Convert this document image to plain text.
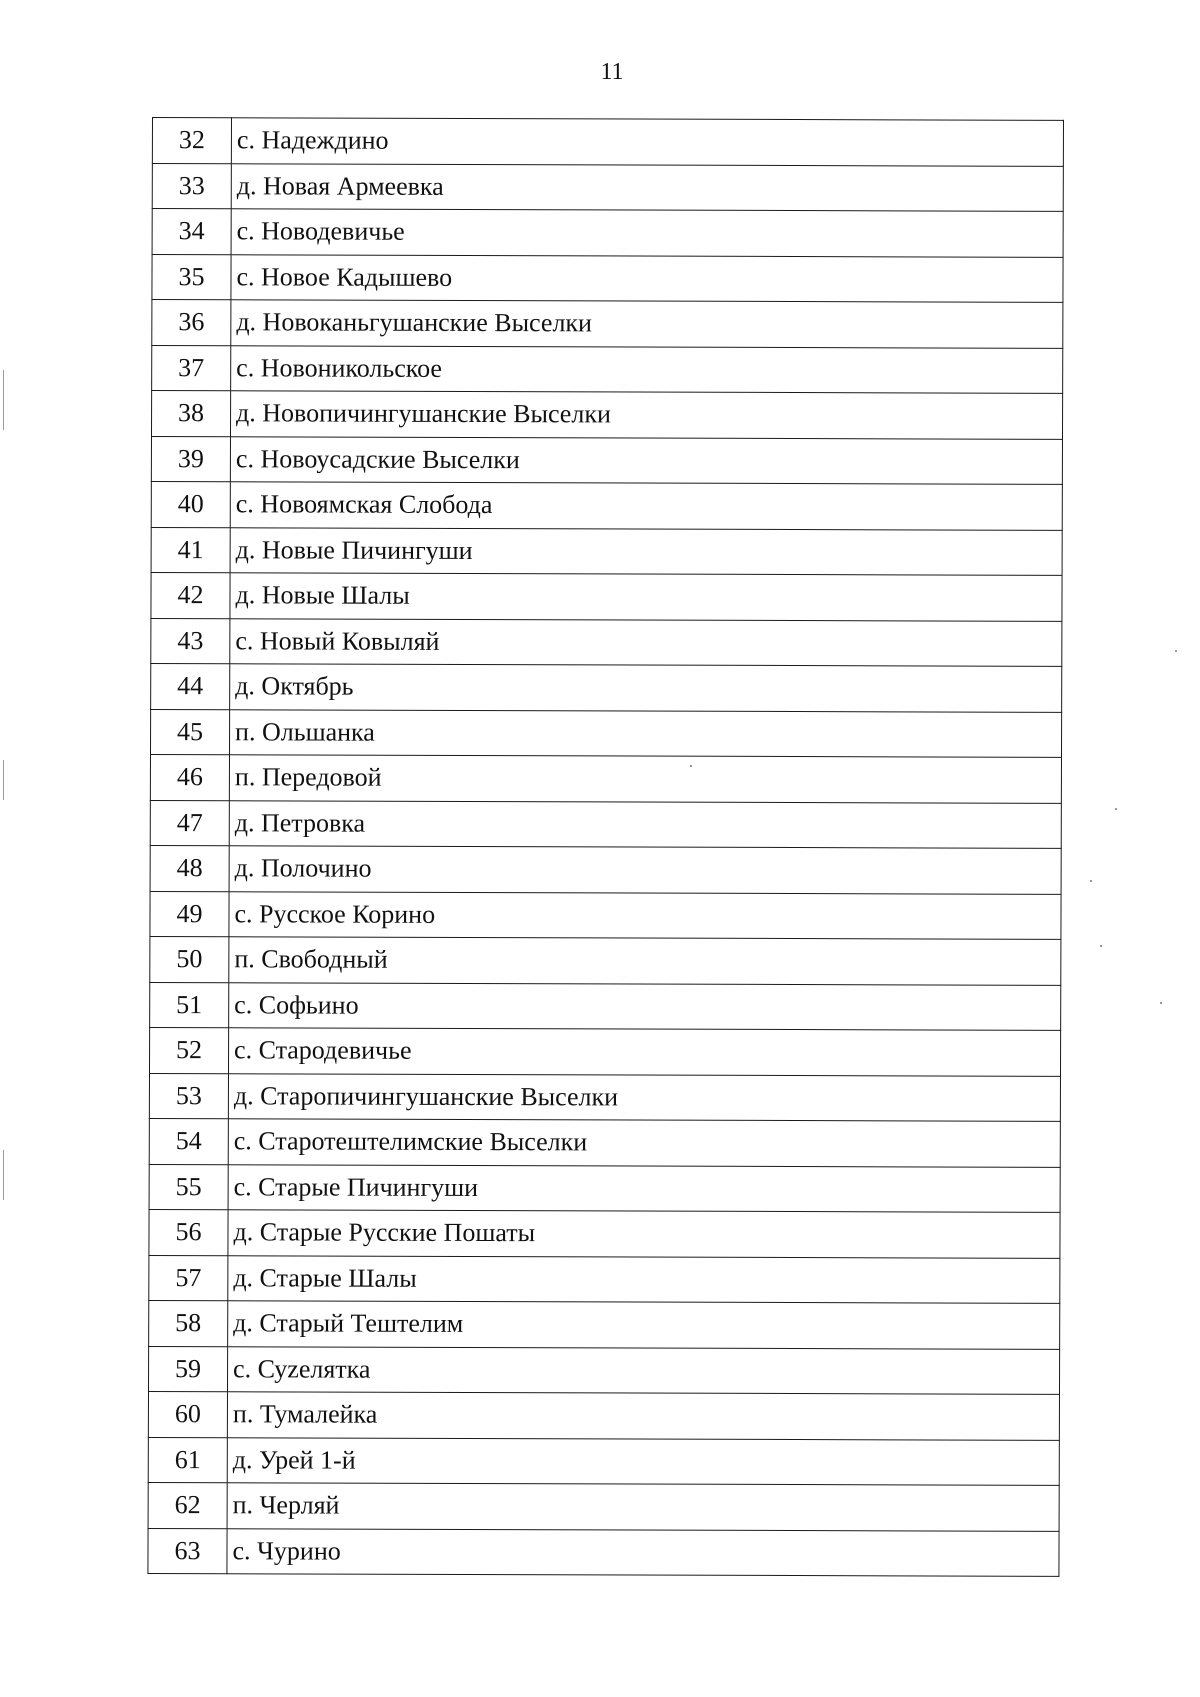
11
32	с. Надеждино
33	д. Новая Армеевка
34	с. Новодевичье
35	с. Новое Кадышево
36	д. Новоканьгушанские Выселки
37	с. Новоникольское
38	д. Новопичингушанские Выселки
39	с. Новоусадские Выселки
40	с. Новоямская Слобода
41	д. Новые Пичингуши
42	д. Новые Шалы
43	с. Новый Ковыляй
44	д. Октябрь
45	п. Ольшанка
46	п. Передовой
47	д. Петровка
48	д. Полочино
49	с. Русское Корино
50	п. Свободный
51	с. Софьино
52	с. Стародевичье
53	д. Старопичингушанские Выселки
54	с. Старотештелимские Выселки
55	с. Старые Пичингуши
56	д. Старые Русские Пошаты
57	д. Старые Шалы
58	д. Старый Тештелим
59	с. Суzелятка
60	п. Тумалейка
61	д. Урей 1-й
62	п. Черляй
63	с. Чурино
